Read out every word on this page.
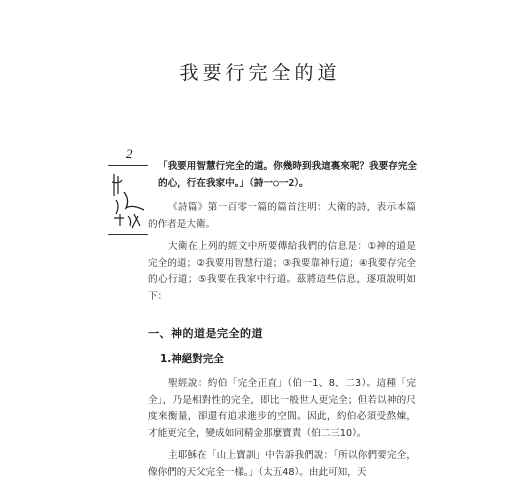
我要行完全的道
2
「我要用智慧行完全的道。你幾時到我這裏來呢？我要存完全的心，行在我家中。」（詩一○一2）。

《詩篇》第一百零一篇的篇首注明：大衛的詩，表示本篇的作者是大衛。

大衛在上列的經文中所要傳給我們的信息是：①神的道是完全的道；②我要用智慧行道；③我要靠神行道；④我要存完全的心行道；⑤我要在我家中行道。茲將這些信息，逐項說明如下：

一、神的道是完全的道
1.神絕對完全

聖經說：約伯「完全正直」（伯一1、8、二3）。這種「完全」，乃是相對性的完全，即比一般世人更完全；但若以神的尺度來衡量，卻還有追求進步的空間。因此，約伯必須受熬煉，才能更完全，變成如同精金那麼寶貴（伯二三10）。

主耶穌在「山上寶訓」中告訴我們說：「所以你們要完全，像你們的天父完全一樣。」（太五48）。由此可知，天
